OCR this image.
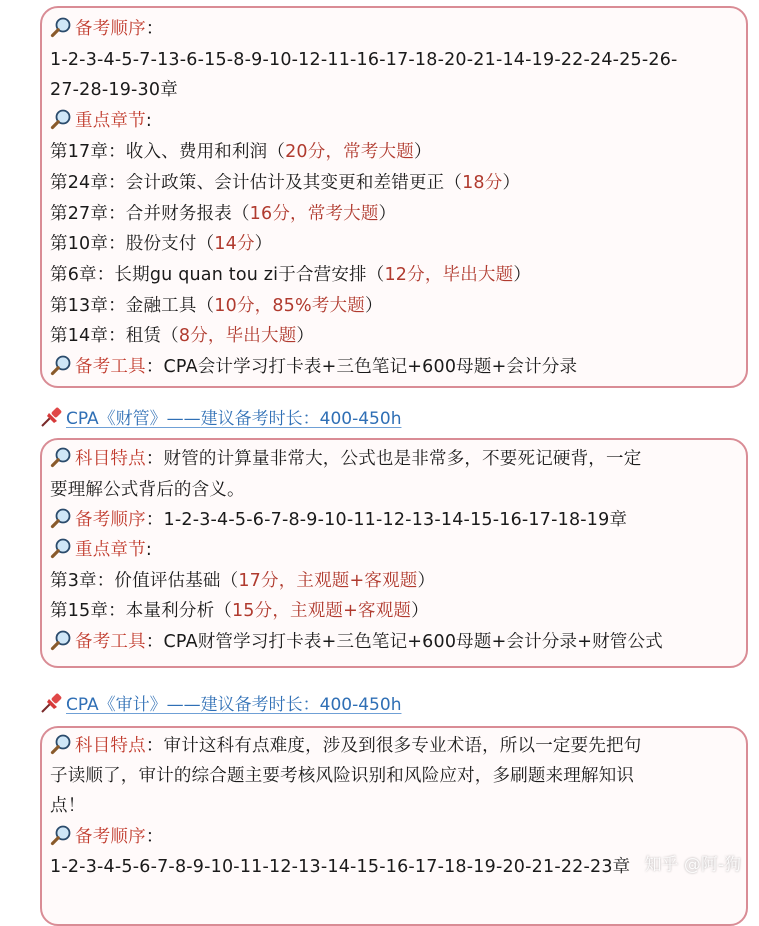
备考顺序：
1-2-3-4-5-7-13-6-15-8-9-10-12-11-16-17-18-20-21-14-19-22-24-25-26-
27-28-19-30章
重点章节:
第17章：收入、费用和利润（20分，常考大题）
第24章：会计政策、会计估计及其变更和差错更正（18分）
第27章：合并财务报表（16分，常考大题）
第10章：股份支付（14分）
第6章：长期gu quan tou zi于合营安排（12分，毕出大题）
第13章：金融工具（10分，85%考大题）
第14章：租赁（8分，毕出大题）
备考工具：CPA会计学习打卡表+三色笔记+600母题+会计分录
CPA《财管》——建议备考时长：400-450h
科目特点：财管的计算量非常大，公式也是非常多，不要死记硬背，一定
要理解公式背后的含义。
备考顺序：1-2-3-4-5-6-7-8-9-10-11-12-13-14-15-16-17-18-19章
重点章节:
第3章：价值评估基础（17分，主观题+客观题）
第15章：本量利分析（15分，主观题+客观题）
备考工具：CPA财管学习打卡表+三色笔记+600母题+会计分录+财管公式
CPA《审计》——建议备考时长：400-450h
科目特点：审计这科有点难度，涉及到很多专业术语，所以一定要先把句
子读顺了，审计的综合题主要考核风险识别和风险应对，多刷题来理解知识
点！
备考顺序：
1-2-3-4-5-6-7-8-9-10-11-12-13-14-15-16-17-18-19-20-21-22-23章 知乎 @阿-狗
